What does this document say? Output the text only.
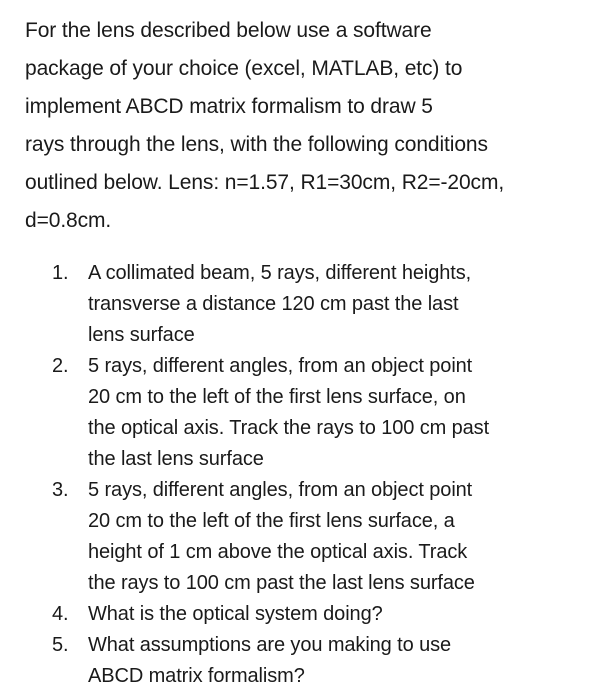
For the lens described below use a software
package of your choice (excel, MATLAB, etc) to
implement ABCD matrix formalism to draw 5
rays through the lens, with the following conditions
outlined below. Lens: n=1.57, R1=30cm, R2=-20cm,
d=0.8cm.

1. A collimated beam, 5 rays, different heights,
transverse a distance 120 cm past the last
lens surface
2. 5 rays, different angles, from an object point
20 cm to the left of the first lens surface, on
the optical axis. Track the rays to 100 cm past
the last lens surface
3. 5 rays, different angles, from an object point
20 cm to the left of the first lens surface, a
height of 1 cm above the optical axis. Track
the rays to 100 cm past the last lens surface
4. What is the optical system doing?
5. What assumptions are you making to use
ABCD matrix formalism?
